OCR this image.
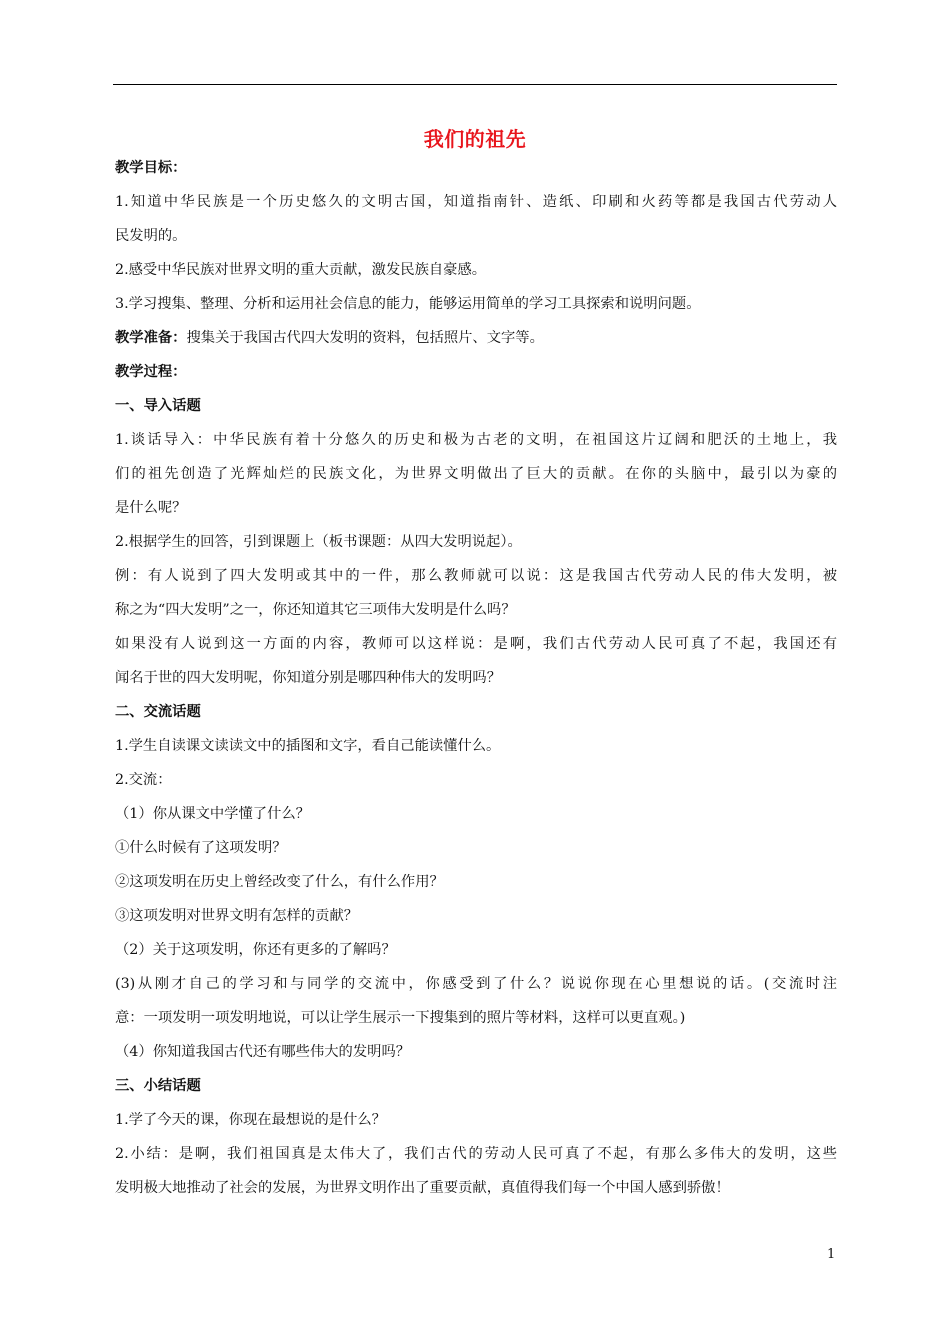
我们的祖先

教学目标：

1.知道中华民族是一个历史悠久的文明古国，知道指南针、造纸、印刷和火药等都是我国古代劳动人

民发明的。

2.感受中华民族对世界文明的重大贡献，激发民族自豪感。

3.学习搜集、整理、分析和运用社会信息的能力，能够运用简单的学习工具探索和说明问题。

教学准备：搜集关于我国古代四大发明的资料，包括照片、文字等。

教学过程：

一、导入话题

1.谈话导入：中华民族有着十分悠久的历史和极为古老的文明，在祖国这片辽阔和肥沃的土地上，我

们的祖先创造了光辉灿烂的民族文化，为世界文明做出了巨大的贡献。在你的头脑中，最引以为豪的

是什么呢？

2.根据学生的回答，引到课题上（板书课题：从四大发明说起）。

例：有人说到了四大发明或其中的一件，那么教师就可以说：这是我国古代劳动人民的伟大发明，被

称之为“四大发明”之一，你还知道其它三项伟大发明是什么吗？

如果没有人说到这一方面的内容，教师可以这样说：是啊，我们古代劳动人民可真了不起，我国还有

闻名于世的四大发明呢，你知道分别是哪四种伟大的发明吗？

二、交流话题

1.学生自读课文读读文中的插图和文字，看自己能读懂什么。

2.交流：

（1）你从课文中学懂了什么？

①什么时候有了这项发明？

②这项发明在历史上曾经改变了什么，有什么作用？

③这项发明对世界文明有怎样的贡献？

（2）关于这项发明，你还有更多的了解吗？

(3)从刚才自己的学习和与同学的交流中，你感受到了什么？说说你现在心里想说的话。(交流时注

意：一项发明一项发明地说，可以让学生展示一下搜集到的照片等材料，这样可以更直观。)

（4）你知道我国古代还有哪些伟大的发明吗？

三、小结话题

1.学了今天的课，你现在最想说的是什么？

2.小结：是啊，我们祖国真是太伟大了，我们古代的劳动人民可真了不起，有那么多伟大的发明，这些

发明极大地推动了社会的发展，为世界文明作出了重要贡献，真值得我们每一个中国人感到骄傲！

1
